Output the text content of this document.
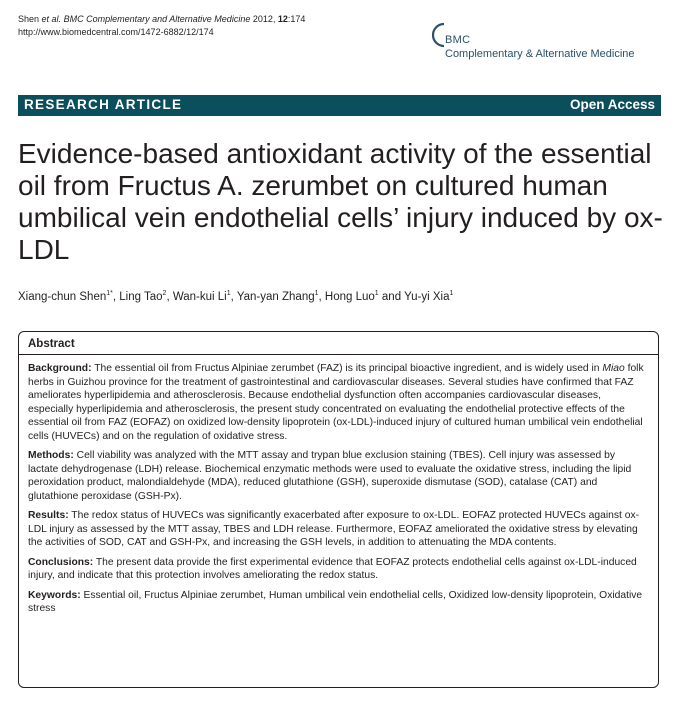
Shen et al. BMC Complementary and Alternative Medicine 2012, 12:174
http://www.biomedcentral.com/1472-6882/12/174
BMC
Complementary & Alternative Medicine
RESEARCH ARTICLE	Open Access
Evidence-based antioxidant activity of the essential oil from Fructus A. zerumbet on cultured human umbilical vein endothelial cells’ injury induced by ox-LDL
Xiang-chun Shen$^{1*}$, Ling Tao$^2$, Wan-kui Li$^1$, Yan-yan Zhang$^1$, Hong Luo$^1$ and Yu-yi Xia$^1$
Abstract

Background: The essential oil from Fructus Alpiniae zerumbet (FAZ) is its principal bioactive ingredient, and is widely used in Miao folk herbs in Guizhou province for the treatment of gastrointestinal and cardiovascular diseases. Several studies have confirmed that FAZ ameliorates hyperlipidemia and atherosclerosis. Because endothelial dysfunction often accompanies cardiovascular diseases, especially hyperlipidemia and atherosclerosis, the present study concentrated on evaluating the endothelial protective effects of the essential oil from FAZ (EOFAZ) on oxidized low-density lipoprotein (ox-LDL)-induced injury of cultured human umbilical vein endothelial cells (HUVECs) and on the regulation of oxidative stress.

Methods: Cell viability was analyzed with the MTT assay and trypan blue exclusion staining (TBES). Cell injury was assessed by lactate dehydrogenase (LDH) release. Biochemical enzymatic methods were used to evaluate the oxidative stress, including the lipid peroxidation product, malondialdehyde (MDA), reduced glutathione (GSH), superoxide dismutase (SOD), catalase (CAT) and glutathione peroxidase (GSH-Px).

Results: The redox status of HUVECs was significantly exacerbated after exposure to ox-LDL. EOFAZ protected HUVECs against ox-LDL injury as assessed by the MTT assay, TBES and LDH release. Furthermore, EOFAZ ameliorated the oxidative stress by elevating the activities of SOD, CAT and GSH-Px, and increasing the GSH levels, in addition to attenuating the MDA contents.

Conclusions: The present data provide the first experimental evidence that EOFAZ protects endothelial cells against ox-LDL-induced injury, and indicate that this protection involves ameliorating the redox status.

Keywords: Essential oil, Fructus Alpiniae zerumbet, Human umbilical vein endothelial cells, Oxidized low-density lipoprotein, Oxidative stress
